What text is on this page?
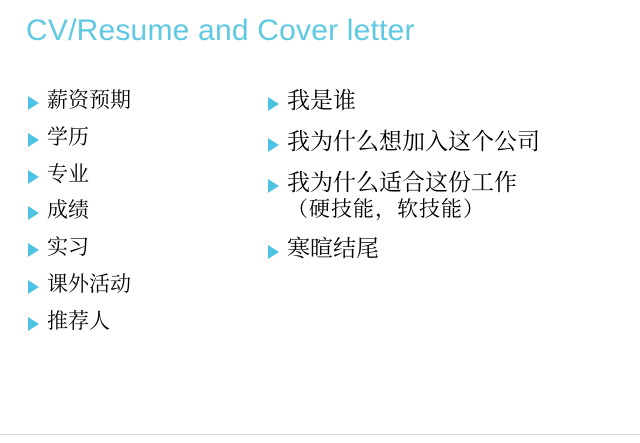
CV/Resume and Cover letter
薪资预期
学历
专业
成绩
实习
课外活动
推荐人
我是谁
我为什么想加入这个公司
我为什么适合这份工作
（硬技能，软技能）
寒暄结尾
